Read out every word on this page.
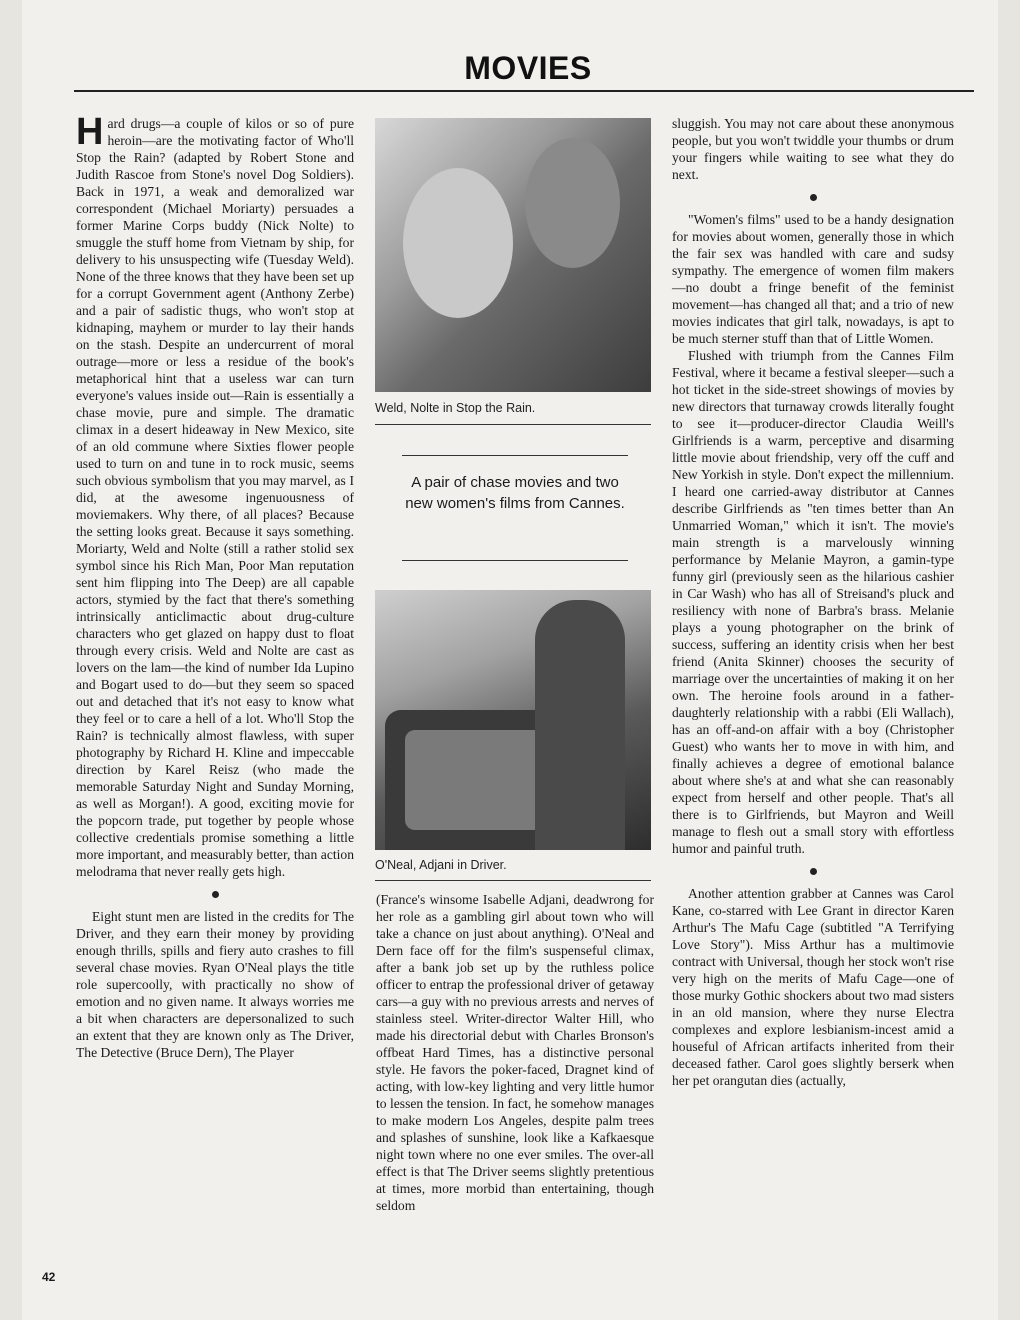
MOVIES

Hard drugs—a couple of kilos or so of pure heroin—are the motivating factor of Who'll Stop the Rain? (adapted by Robert Stone and Judith Rascoe from Stone's novel Dog Soldiers). Back in 1971, a weak and demoralized war correspondent (Michael Moriarty) persuades a former Marine Corps buddy (Nick Nolte) to smuggle the stuff home from Vietnam by ship, for delivery to his unsuspecting wife (Tuesday Weld). None of the three knows that they have been set up for a corrupt Government agent (Anthony Zerbe) and a pair of sadistic thugs, who won't stop at kidnaping, mayhem or murder to lay their hands on the stash. Despite an undercurrent of moral outrage—more or less a residue of the book's metaphorical hint that a useless war can turn everyone's values inside out—Rain is essentially a chase movie, pure and simple. The dramatic climax in a desert hideaway in New Mexico, site of an old commune where Sixties flower people used to turn on and tune in to rock music, seems such obvious symbolism that you may marvel, as I did, at the awesome ingenuousness of moviemakers. Why there, of all places? Because the setting looks great. Because it says something. Moriarty, Weld and Nolte (still a rather stolid sex symbol since his Rich Man, Poor Man reputation sent him flipping into The Deep) are all capable actors, stymied by the fact that there's something intrinsically anticlimactic about drug-culture characters who get glazed on happy dust to float through every crisis. Weld and Nolte are cast as lovers on the lam—the kind of number Ida Lupino and Bogart used to do—but they seem so spaced out and detached that it's not easy to know what they feel or to care a hell of a lot. Who'll Stop the Rain? is technically almost flawless, with super photography by Richard H. Kline and impeccable direction by Karel Reisz (who made the memorable Saturday Night and Sunday Morning, as well as Morgan!). A good, exciting movie for the popcorn trade, put together by people whose collective credentials promise something a little more important, and measurably better, than action melodrama that never really gets high.

Eight stunt men are listed in the credits for The Driver, and they earn their money by providing enough thrills, spills and fiery auto crashes to fill several chase movies. Ryan O'Neal plays the title role supercoolly, with practically no show of emotion and no given name. It always worries me a bit when characters are depersonalized to such an extent that they are known only as The Driver, The Detective (Bruce Dern), The Player

Weld, Nolte in Stop the Rain.
A pair of chase movies and two new women's films from Cannes.
O'Neal, Adjani in Driver.

(France's winsome Isabelle Adjani, deadwrong for her role as a gambling girl about town who will take a chance on just about anything). O'Neal and Dern face off for the film's suspenseful climax, after a bank job set up by the ruthless police officer to entrap the professional driver of getaway cars—a guy with no previous arrests and nerves of stainless steel. Writer-director Walter Hill, who made his directorial debut with Charles Bronson's offbeat Hard Times, has a distinctive personal style. He favors the poker-faced, Dragnet kind of acting, with low-key lighting and very little humor to lessen the tension. In fact, he somehow manages to make modern Los Angeles, despite palm trees and splashes of sunshine, look like a Kafkaesque night town where no one ever smiles. The over-all effect is that The Driver seems slightly pretentious at times, more morbid than entertaining, though seldom

sluggish. You may not care about these anonymous people, but you won't twiddle your thumbs or drum your fingers while waiting to see what they do next.

"Women's films" used to be a handy designation for movies about women, generally those in which the fair sex was handled with care and sudsy sympathy. The emergence of women film makers—no doubt a fringe benefit of the feminist movement—has changed all that; and a trio of new movies indicates that girl talk, nowadays, is apt to be much sterner stuff than that of Little Women.

Flushed with triumph from the Cannes Film Festival, where it became a festival sleeper—such a hot ticket in the side-street showings of movies by new directors that turnaway crowds literally fought to see it—producer-director Claudia Weill's Girlfriends is a warm, perceptive and disarming little movie about friendship, very off the cuff and New Yorkish in style. Don't expect the millennium. I heard one carried-away distributor at Cannes describe Girlfriends as "ten times better than An Unmarried Woman," which it isn't. The movie's main strength is a marvelously winning performance by Melanie Mayron, a gamin-type funny girl (previously seen as the hilarious cashier in Car Wash) who has all of Streisand's pluck and resiliency with none of Barbra's brass. Melanie plays a young photographer on the brink of success, suffering an identity crisis when her best friend (Anita Skinner) chooses the security of marriage over the uncertainties of making it on her own. The heroine fools around in a father-daughterly relationship with a rabbi (Eli Wallach), has an off-and-on affair with a boy (Christopher Guest) who wants her to move in with him, and finally achieves a degree of emotional balance about where she's at and what she can reasonably expect from herself and other people. That's all there is to Girlfriends, but Mayron and Weill manage to flesh out a small story with effortless humor and painful truth.

Another attention grabber at Cannes was Carol Kane, co-starred with Lee Grant in director Karen Arthur's The Mafu Cage (subtitled "A Terrifying Love Story"). Miss Arthur has a multimovie contract with Universal, though her stock won't rise very high on the merits of Mafu Cage—one of those murky Gothic shockers about two mad sisters in an old mansion, where they nurse Electra complexes and explore lesbianism-incest amid a houseful of African artifacts inherited from their deceased father. Carol goes slightly berserk when her pet orangutan dies (actually,

42
